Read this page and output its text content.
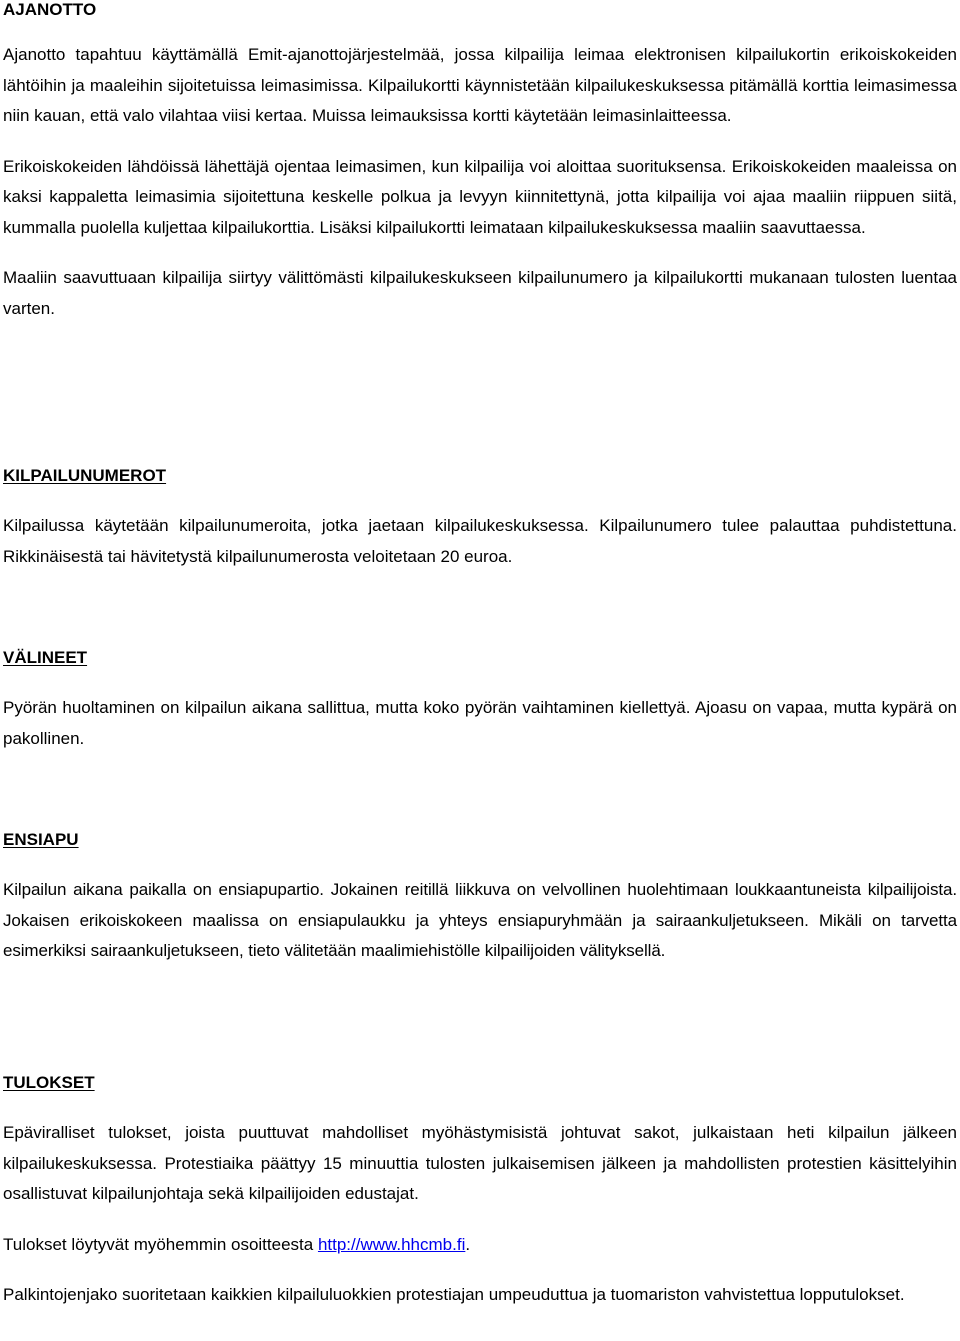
AJANOTTO

Ajanotto tapahtuu käyttämällä Emit-ajanottojärjestelmää, jossa kilpailija leimaa elektronisen kilpailukortin erikoiskokeiden lähtöihin ja maaleihin sijoitetuissa leimasimissa. Kilpailukortti käynnistetään kilpailukeskuksessa pitämällä korttia leimasimessa niin kauan, että valo vilahtaa viisi kertaa. Muissa leimauksissa kortti käytetään leimasinlaitteessa.

Erikoiskokeiden lähdöissä lähettäjä ojentaa leimasimen, kun kilpailija voi aloittaa suorituksensa. Erikoiskokeiden maaleissa on kaksi kappaletta leimasimia sijoitettuna keskelle polkua ja levyyn kiinnitettynä, jotta kilpailija voi ajaa maaliin riippuen siitä, kummalla puolella kuljettaa kilpailukorttia. Lisäksi kilpailukortti leimataan kilpailukeskuksessa maaliin saavuttaessa.

Maaliin saavuttuaan kilpailija siirtyy välittömästi kilpailukeskukseen kilpailunumero ja kilpailukortti mukanaan tulosten luentaa varten.

KILPAILUNUMEROT

Kilpailussa käytetään kilpailunumeroita, jotka jaetaan kilpailukeskuksessa. Kilpailunumero tulee palauttaa puhdistettuna. Rikkinäisestä tai hävitetystä kilpailunumerosta veloitetaan 20 euroa.

VÄLINEET

Pyörän huoltaminen on kilpailun aikana sallittua, mutta koko pyörän vaihtaminen kiellettyä. Ajoasu on vapaa, mutta kypärä on pakollinen.

ENSIAPU

Kilpailun aikana paikalla on ensiapupartio. Jokainen reitillä liikkuva on velvollinen huolehtimaan loukkaantuneista kilpailijoista. Jokaisen erikoiskokeen maalissa on ensiapulaukku ja yhteys ensiapuryhmään ja sairaankuljetukseen. Mikäli on tarvetta esimerkiksi sairaankuljetukseen, tieto välitetään maalimiehistölle kilpailijoiden välityksellä.

TULOKSET

Epäviralliset tulokset, joista puuttuvat mahdolliset myöhästymisistä johtuvat sakot, julkaistaan heti kilpailun jälkeen kilpailukeskuksessa. Protestiaika päättyy 15 minuuttia tulosten julkaisemisen jälkeen ja mahdollisten protestien käsittelyihin osallistuvat kilpailunjohtaja sekä kilpailijoiden edustajat.

Tulokset löytyvät myöhemmin osoitteesta http://www.hhcmb.fi.

Palkintojenjako suoritetaan kaikkien kilpailuluokkien protestiajan umpeuduttua ja tuomariston vahvistettua lopputulokset.
